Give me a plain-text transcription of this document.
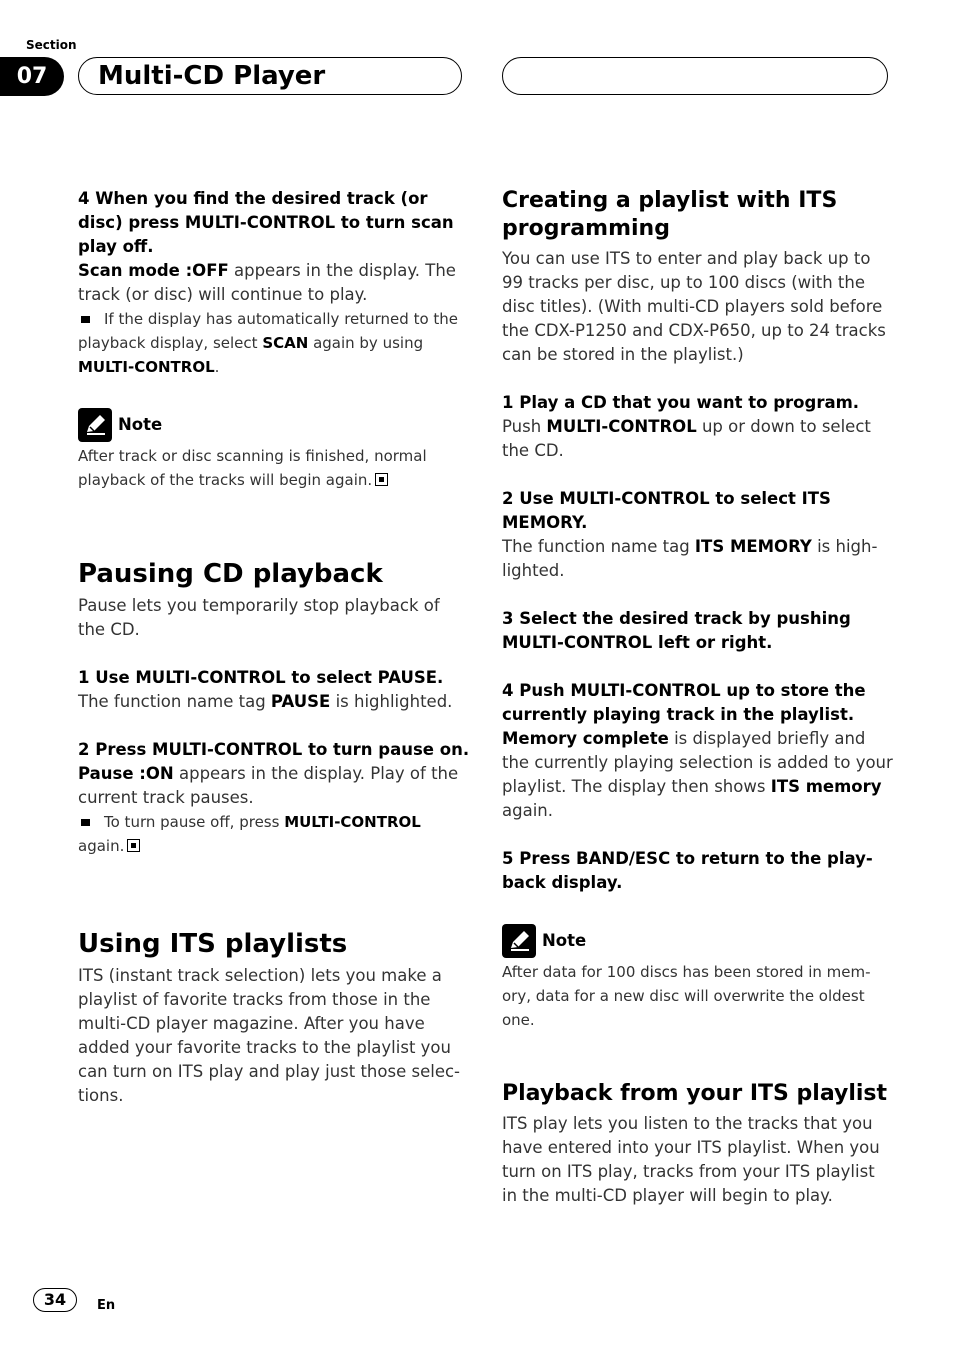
Section
07	Multi-CD Player

4 When you find the desired track (or disc) press MULTI-CONTROL to turn scan play off.

Scan mode :OFF appears in the display. The track (or disc) will continue to play.

If the display has automatically returned to the playback display, select SCAN again by using MULTI-CONTROL.

Note

After track or disc scanning is finished, normal playback of the tracks will begin again.

Pausing CD playback

Pause lets you temporarily stop playback of the CD.

1 Use MULTI-CONTROL to select PAUSE.

The function name tag PAUSE is highlighted.

2 Press MULTI-CONTROL to turn pause on.

Pause :ON appears in the display. Play of the current track pauses.

To turn pause off, press MULTI-CONTROL again.

Using ITS playlists

ITS (instant track selection) lets you make a playlist of favorite tracks from those in the multi-CD player magazine. After you have added your favorite tracks to the playlist you can turn on ITS play and play just those selec-tions.

Creating a playlist with ITS programming

You can use ITS to enter and play back up to 99 tracks per disc, up to 100 discs (with the disc titles). (With multi-CD players sold before the CDX-P1250 and CDX-P650, up to 24 tracks can be stored in the playlist.)

1 Play a CD that you want to program.

Push MULTI-CONTROL up or down to select the CD.

2 Use MULTI-CONTROL to select ITS MEMORY.

The function name tag ITS MEMORY is high-lighted.

3 Select the desired track by pushing MULTI-CONTROL left or right.

4 Push MULTI-CONTROL up to store the currently playing track in the playlist.

Memory complete is displayed briefly and the currently playing selection is added to your playlist. The display then shows ITS memory again.

5 Press BAND/ESC to return to the play-back display.

Note

After data for 100 discs has been stored in mem-ory, data for a new disc will overwrite the oldest one.

Playback from your ITS playlist

ITS play lets you listen to the tracks that you have entered into your ITS playlist. When you turn on ITS play, tracks from your ITS playlist in the multi-CD player will begin to play.

34	En
